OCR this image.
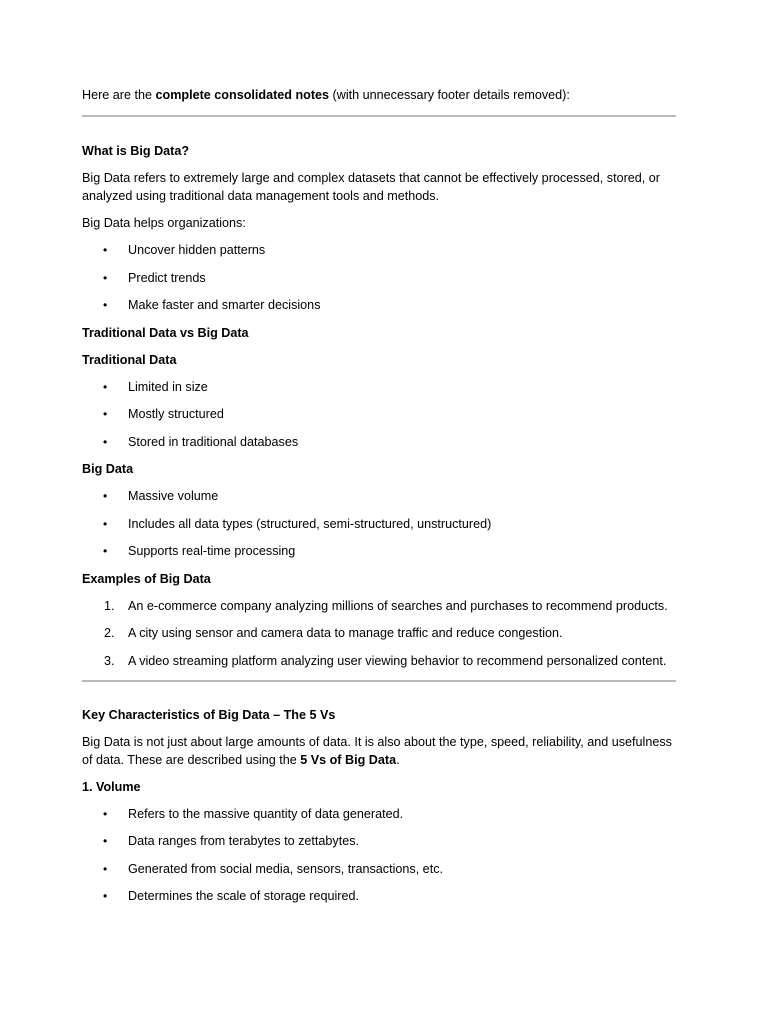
Here are the complete consolidated notes (with unnecessary footer details removed):

What is Big Data?

Big Data refers to extremely large and complex datasets that cannot be effectively processed, stored, or analyzed using traditional data management tools and methods.

Big Data helps organizations:

• Uncover hidden patterns
• Predict trends
• Make faster and smarter decisions

Traditional Data vs Big Data

Traditional Data

• Limited in size
• Mostly structured
• Stored in traditional databases

Big Data

• Massive volume
• Includes all data types (structured, semi-structured, unstructured)
• Supports real-time processing

Examples of Big Data

1. An e-commerce company analyzing millions of searches and purchases to recommend products.
2. A city using sensor and camera data to manage traffic and reduce congestion.
3. A video streaming platform analyzing user viewing behavior to recommend personalized content.

Key Characteristics of Big Data – The 5 Vs

Big Data is not just about large amounts of data. It is also about the type, speed, reliability, and usefulness of data. These are described using the 5 Vs of Big Data.

1. Volume

• Refers to the massive quantity of data generated.
• Data ranges from terabytes to zettabytes.
• Generated from social media, sensors, transactions, etc.
• Determines the scale of storage required.
